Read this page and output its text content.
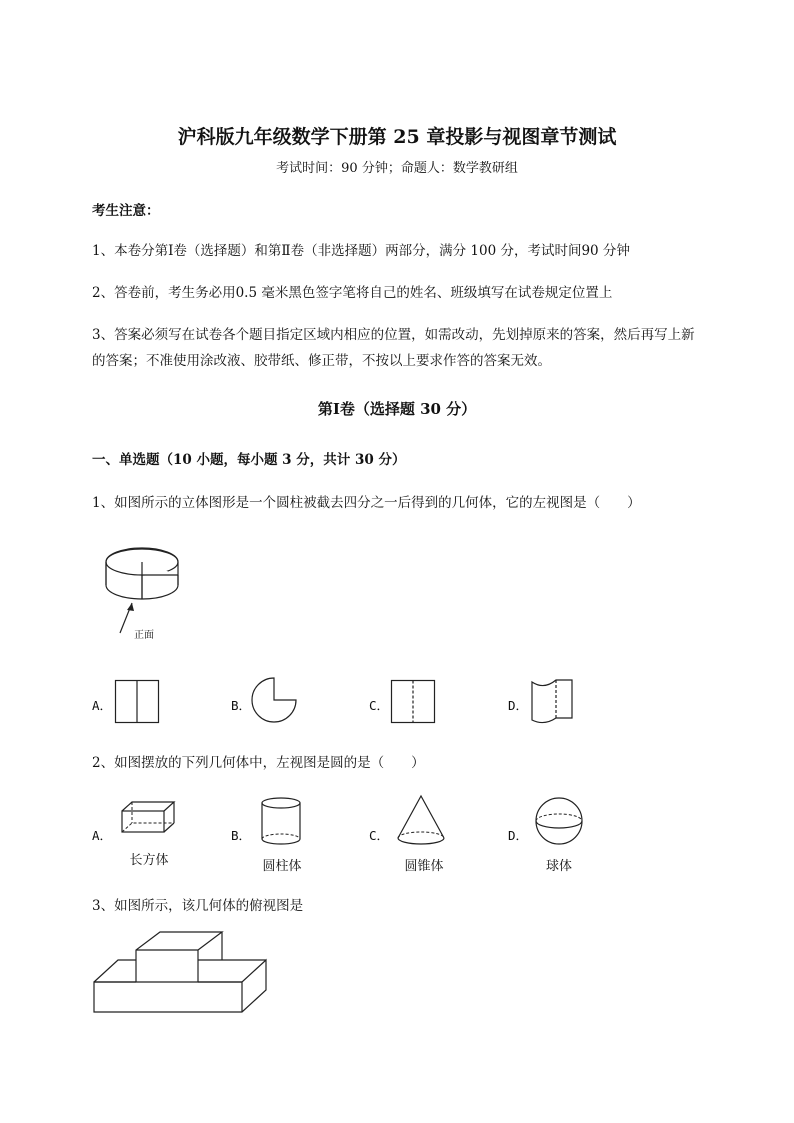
沪科版九年级数学下册第 25 章投影与视图章节测试
考试时间：90 分钟；命题人：数学教研组
考生注意：
1、本卷分第Ⅰ卷（选择题）和第Ⅱ卷（非选择题）两部分，满分 100 分，考试时间90 分钟
2、答卷前，考生务必用0.5 毫米黑色签字笔将自己的姓名、班级填写在试卷规定位置上
3、答案必须写在试卷各个题目指定区域内相应的位置，如需改动，先划掉原来的答案，然后再写上新
的答案；不准使用涂改液、胶带纸、修正带，不按以上要求作答的答案无效。
第Ⅰ卷（选择题 30 分）
一、单选题（10 小题，每小题 3 分，共计 30 分）
1、如图所示的立体图形是一个圆柱被截去四分之一后得到的几何体，它的左视图是（　　）
正面
A．	B．	C．	D．
2、如图摆放的下列几何体中，左视图是圆的是（　　）
A．
长方体
B．
圆柱体
C．
圆锥体
D．
球体
3、如图所示，该几何体的俯视图是
